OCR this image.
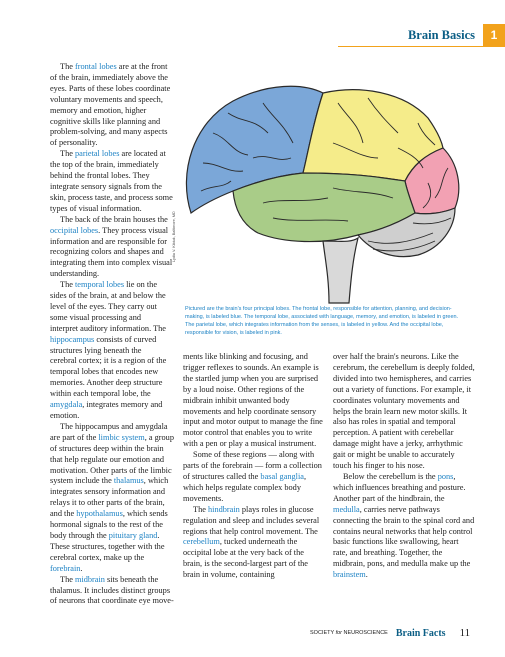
Brain Basics	1

The frontal lobes are at the front of the brain, immediately above the eyes. Parts of these lobes coordinate voluntary movements and speech, memory and emotion, higher cognitive skills like planning and problem-solving, and many aspects of personality.

The parietal lobes are located at the top of the brain, immediately behind the frontal lobes. They integrate sensory signals from the skin, process taste, and process some types of visual information.

The back of the brain houses the occipital lobes. They process visual information and are responsible for recognizing colors and shapes and integrating them into complex visual understanding.

The temporal lobes lie on the sides of the brain, at and below the level of the eyes. They carry out some visual processing and interpret auditory information. The hippocampus consists of curved structures lying beneath the cerebral cortex; it is a region of the temporal lobes that encodes new memories. Another deep structure within each temporal lobe, the amygdala, integrates memory and emotion.

The hippocampus and amygdala are part of the limbic system, a group of structures deep within the brain that help regulate our emotion and motivation. Other parts of the limbic system include the thalamus, which integrates sensory information and relays it to other parts of the brain, and the hypothalamus, which sends hormonal signals to the rest of the body through the pituitary gland. These structures, together with the cerebral cortex, make up the forebrain.

The midbrain sits beneath the thalamus. It includes distinct groups of neurons that coordinate eye move-

Lydia V. Kibiuk, Baltimore, MD
Pictured are the brain's four principal lobes. The frontal lobe, responsible for attention, planning, and decision-making, is labeled blue. The temporal lobe, associated with language, memory, and emotion, is labeled in green. The parietal lobe, which integrates information from the senses, is labeled in yellow. And the occipital lobe, responsible for vision, is labeled in pink.

ments like blinking and focusing, and trigger reflexes to sounds. An example is the startled jump when you are surprised by a loud noise. Other regions of the midbrain inhibit unwanted body movements and help coordinate sensory input and motor output to manage the fine motor control that enables you to write with a pen or play a musical instrument.

Some of these regions — along with parts of the forebrain — form a collection of structures called the basal ganglia, which helps regulate complex body movements.

The hindbrain plays roles in glucose regulation and sleep and includes several regions that help control movement. The cerebellum, tucked underneath the occipital lobe at the very back of the brain, is the second-largest part of the brain in volume, containing

over half the brain's neurons. Like the cerebrum, the cerebellum is deeply folded, divided into two hemispheres, and carries out a variety of functions. For example, it coordinates voluntary movements and helps the brain learn new motor skills. It also has roles in spatial and temporal perception. A patient with cerebellar damage might have a jerky, arrhythmic gait or might be unable to accurately touch his finger to his nose.

Below the cerebellum is the pons, which influences breathing and posture. Another part of the hindbrain, the medulla, carries nerve pathways connecting the brain to the spinal cord and contains neural networks that help control basic functions like swallowing, heart rate, and breathing. Together, the midbrain, pons, and medulla make up the brainstem.

SOCIETY for NEUROSCIENCE Brain Facts 11
